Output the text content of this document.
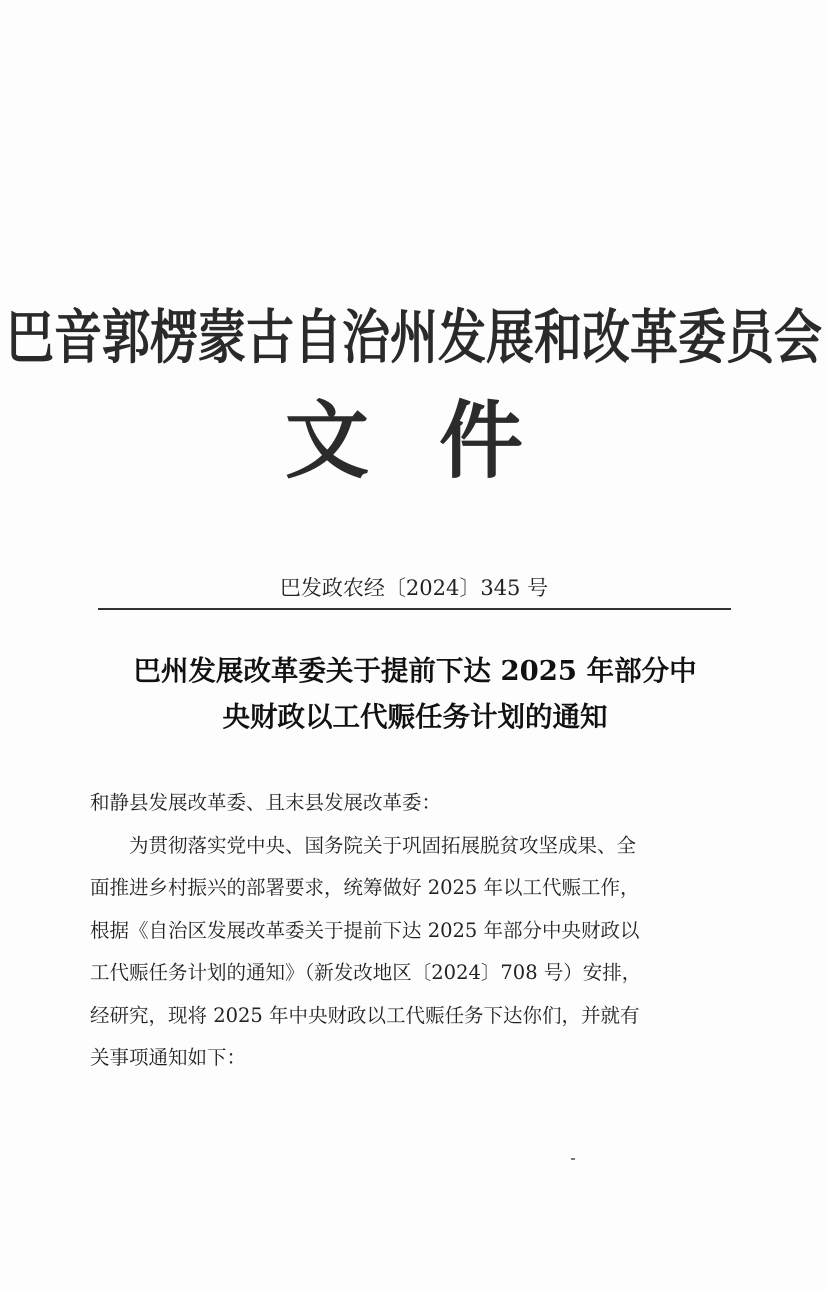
巴音郭楞蒙古自治州发展和改革委员会
文件
巴发政农经〔2024〕345 号
巴州发展改革委关于提前下达 2025 年部分中
央财政以工代赈任务计划的通知
和静县发展改革委、且末县发展改革委：
为贯彻落实党中央、国务院关于巩固拓展脱贫攻坚成果、全
面推进乡村振兴的部署要求，统筹做好 2025 年以工代赈工作，
根据《自治区发展改革委关于提前下达 2025 年部分中央财政以
工代赈任务计划的通知》（新发改地区〔2024〕708 号）安排，
经研究，现将 2025 年中央财政以工代赈任务下达你们，并就有
关事项通知如下：
